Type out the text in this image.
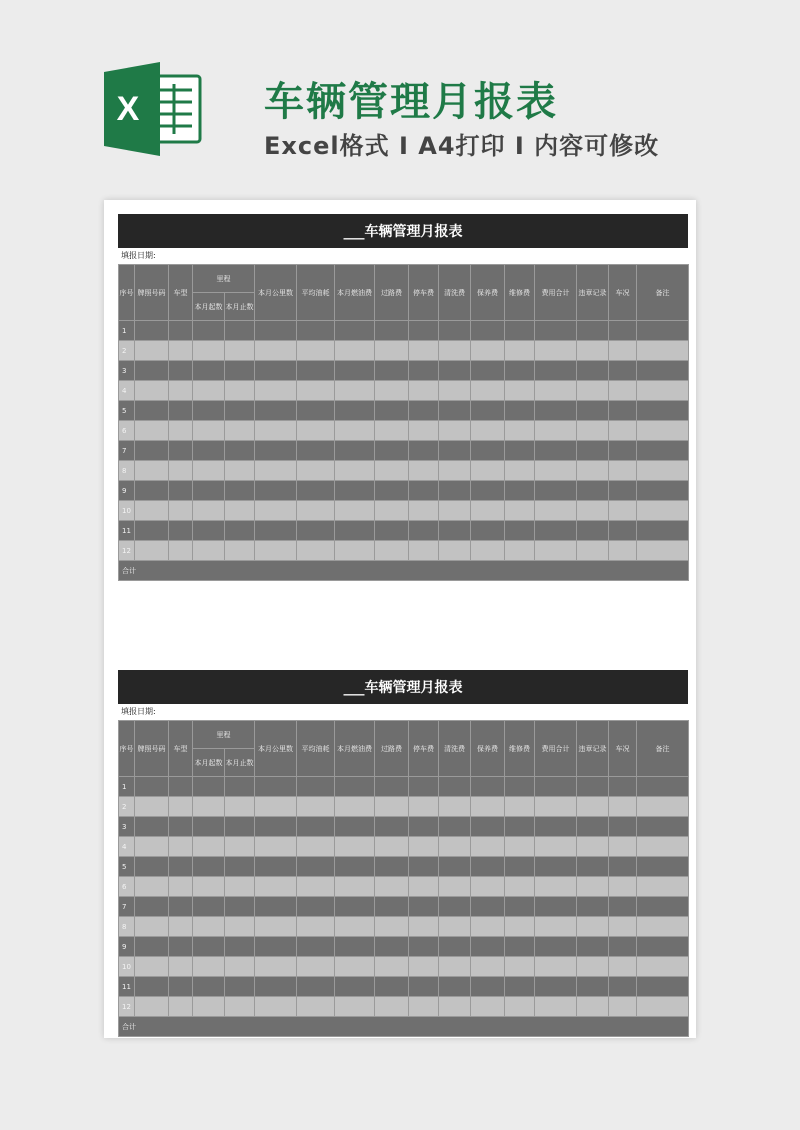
X	车辆管理月报表
Excel格式 I A4打印 I 内容可修改
___车辆管理月报表
填报日期:
序号	牌照号码	车型	里程		本月公里数	平均油耗	本月燃油费	过路费	停车费	清洗费	保养费	维修费	费用合计	违章记录	车况	备注
			本月起数	本月止数												
1																
2																
3																
4																
5																
6																
7																
8																
9																
10																
11																
12																
合计																
___车辆管理月报表
填报日期:
序号	牌照号码	车型	里程		本月公里数	平均油耗	本月燃油费	过路费	停车费	清洗费	保养费	维修费	费用合计	违章记录	车况	备注
			本月起数	本月止数												
1																
2																
3																
4																
5																
6																
7																
8																
9																
10																
11																
12																
合计																
